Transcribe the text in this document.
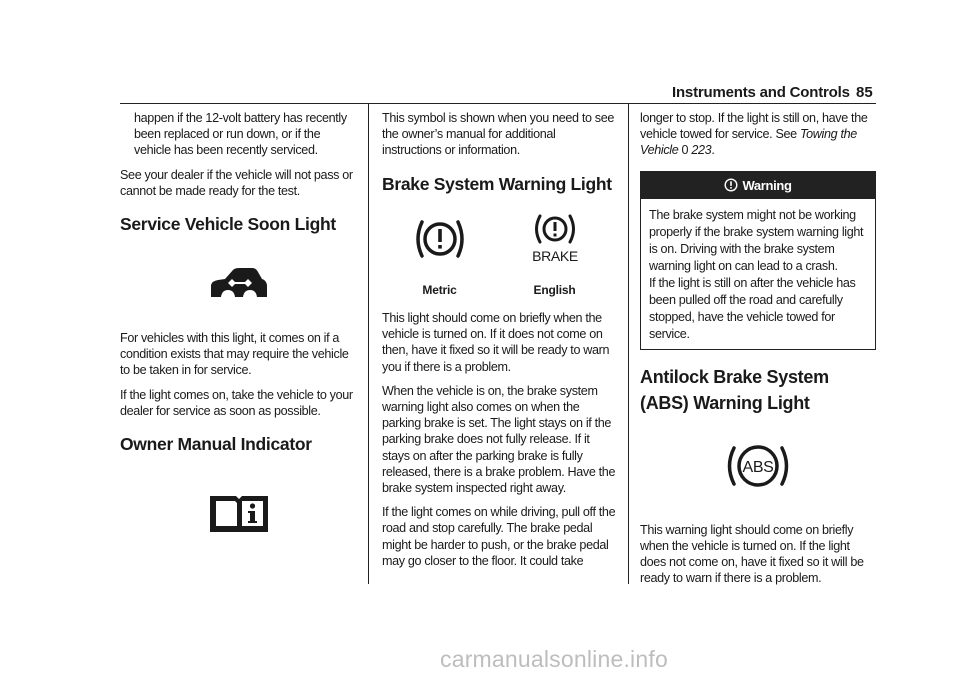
Instruments and Controls 85

happen if the 12-volt battery has recently been replaced or run down, or if the vehicle has been recently serviced.

See your dealer if the vehicle will not pass or cannot be made ready for the test.

Service Vehicle Soon Light

For vehicles with this light, it comes on if a condition exists that may require the vehicle to be taken in for service.

If the light comes on, take the vehicle to your dealer for service as soon as possible.

Owner Manual Indicator

This symbol is shown when you need to see the owner’s manual for additional instructions or information.

Brake System Warning Light
Metric
BRAKE
English

This light should come on briefly when the vehicle is turned on. If it does not come on then, have it fixed so it will be ready to warn you if there is a problem.

When the vehicle is on, the brake system warning light also comes on when the parking brake is set. The light stays on if the parking brake does not fully release. If it stays on after the parking brake is fully released, there is a brake problem. Have the brake system inspected right away.

If the light comes on while driving, pull off the road and stop carefully. The brake pedal might be harder to push, or the brake pedal may go closer to the floor. It could take

longer to stop. If the light is still on, have the vehicle towed for service. See Towing the Vehicle 0 223.

Warning

The brake system might not be working properly if the brake system warning light is on. Driving with the brake system warning light on can lead to a crash.

If the light is still on after the vehicle has been pulled off the road and carefully stopped, have the vehicle towed for service.

Antilock Brake System (ABS) Warning Light
ABS

This warning light should come on briefly when the vehicle is turned on. If the light does not come on, have it fixed so it will be ready to warn if there is a problem.

carmanualsonline.info
